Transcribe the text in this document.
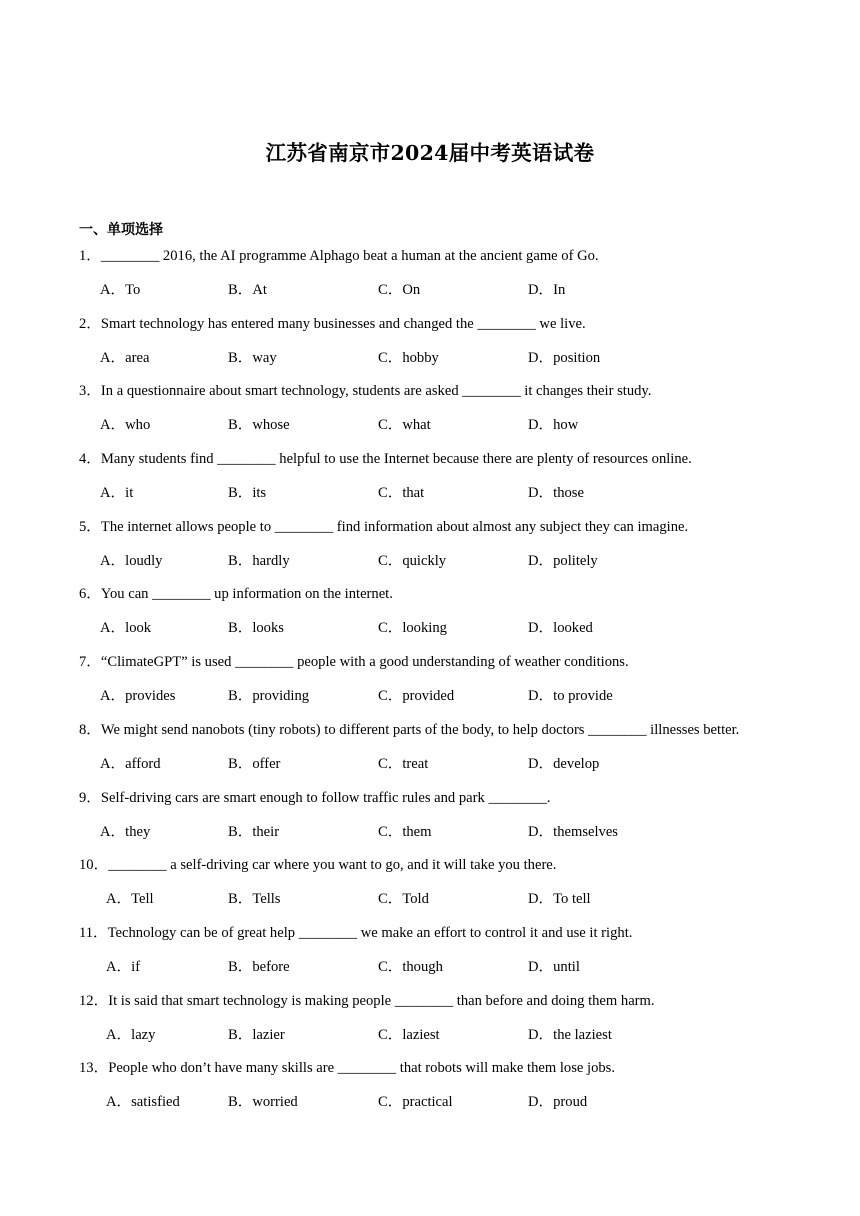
江苏省南京市2024届中考英语试卷
一、单项选择
1．________ 2016, the AI programme Alphago beat a human at the ancient game of Go.
A．To	B．At	C．On	D．In
2．Smart technology has entered many businesses and changed the ________ we live.
A．area	B．way	C．hobby	D．position
3．In a questionnaire about smart technology, students are asked ________ it changes their study.
A．who	B．whose	C．what	D．how
4．Many students find ________ helpful to use the Internet because there are plenty of resources online.
A．it	B．its	C．that	D．those
5．The internet allows people to ________ find information about almost any subject they can imagine.
A．loudly	B．hardly	C．quickly	D．politely
6．You can ________ up information on the internet.
A．look	B．looks	C．looking	D．looked
7．“ClimateGPT” is used ________ people with a good understanding of weather conditions.
A．provides	B．providing	C．provided	D．to provide
8．We might send nanobots (tiny robots) to different parts of the body, to help doctors ________ illnesses better.
A．afford	B．offer	C．treat	D．develop
9．Self-driving cars are smart enough to follow traffic rules and park ________.
A．they	B．their	C．them	D．themselves
10．________ a self-driving car where you want to go, and it will take you there.
A．Tell	B．Tells	C．Told	D．To tell
11．Technology can be of great help ________ we make an effort to control it and use it right.
A．if	B．before	C．though	D．until
12．It is said that smart technology is making people ________ than before and doing them harm.
A．lazy	B．lazier	C．laziest	D．the laziest
13．People who don’t have many skills are ________ that robots will make them lose jobs.
A．satisfied	B．worried	C．practical	D．proud
